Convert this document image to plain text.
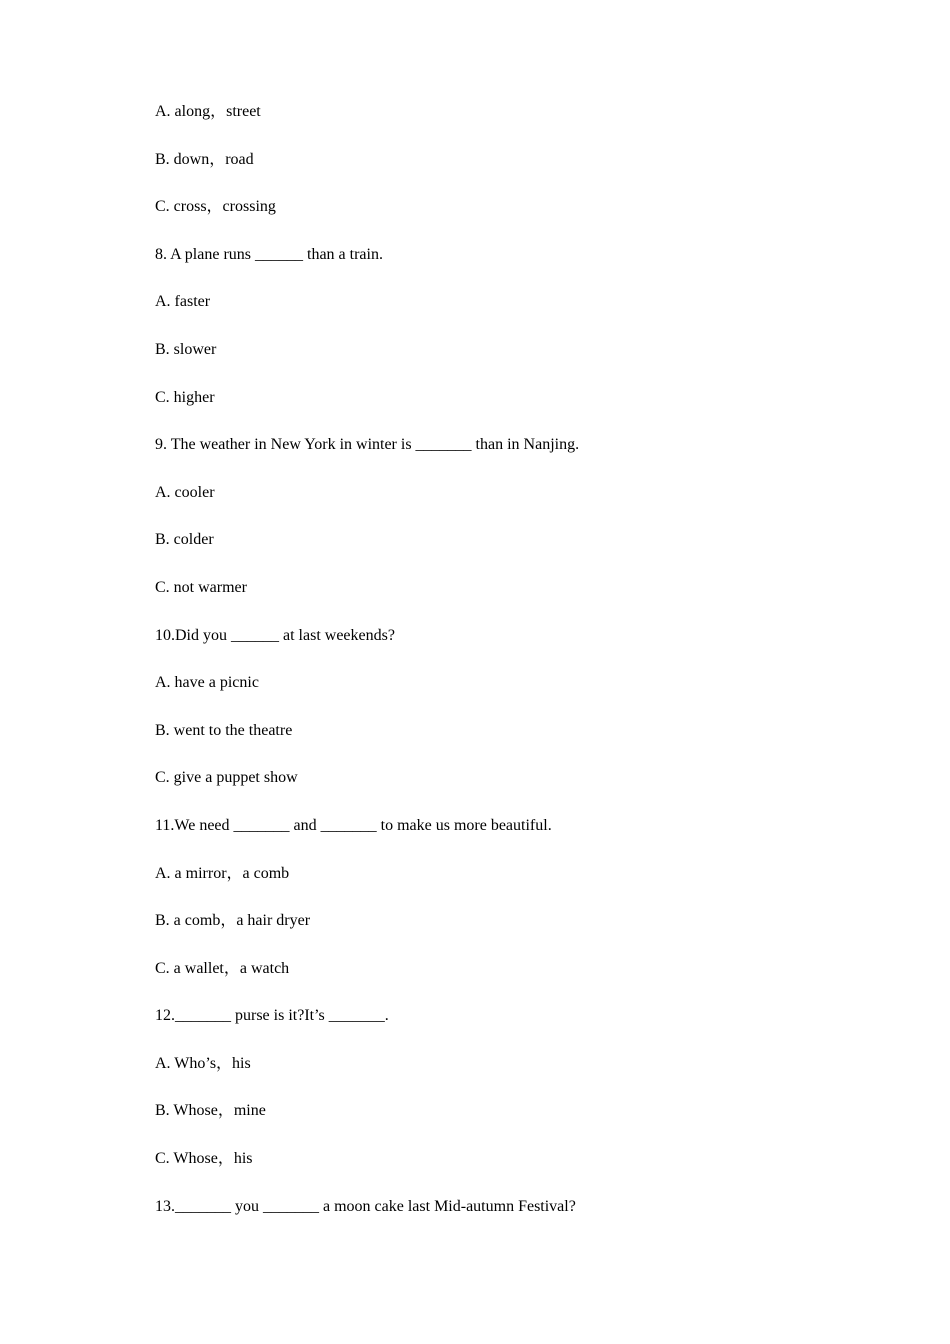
A. along，street
B. down，road
C. cross，crossing
8. A plane runs ______ than a train.
A. faster
B. slower
C. higher
9. The weather in New York in winter is _______ than in Nanjing.
A. cooler
B. colder
C. not warmer
10.Did you ______ at last weekends?
A. have a picnic
B. went to the theatre
C. give a puppet show
11.We need _______ and _______ to make us more beautiful.
A. a mirror，a comb
B. a comb，a hair dryer
C. a wallet，a watch
12._______ purse is it?It’s _______.
A. Who’s，his
B. Whose，mine
C. Whose，his
13._______ you _______ a moon cake last Mid-autumn Festival?
